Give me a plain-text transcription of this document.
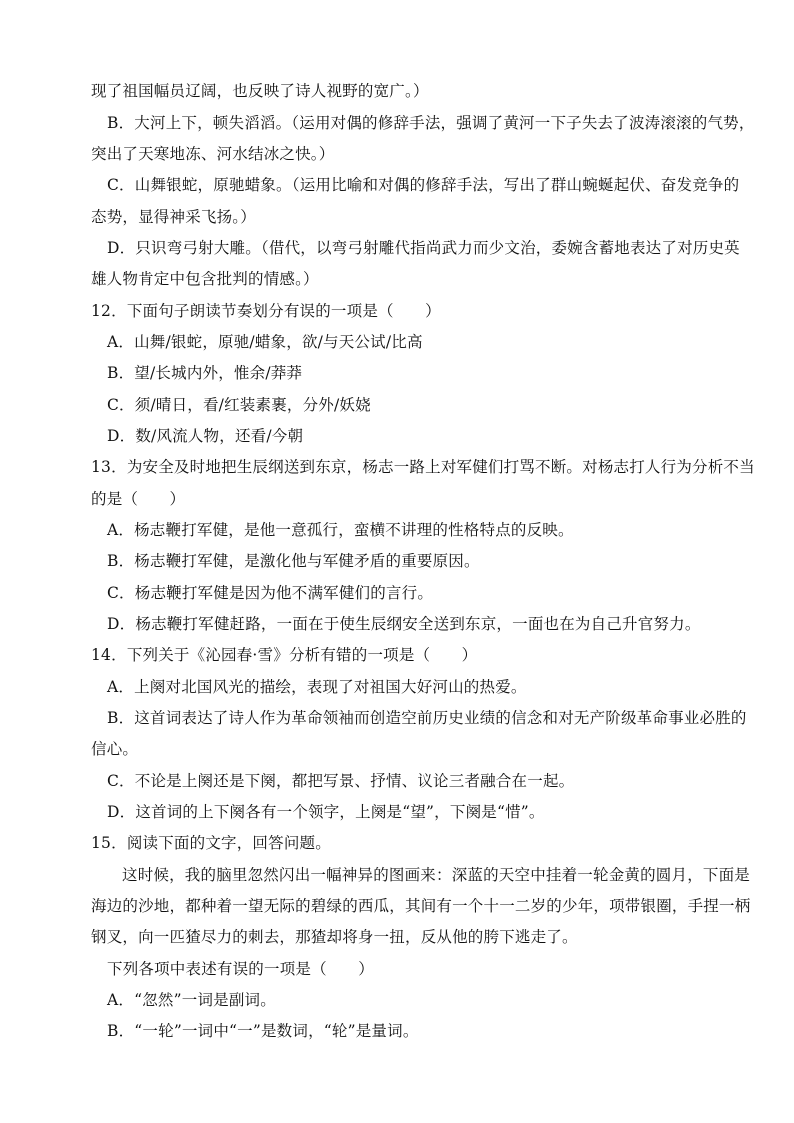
现了祖国幅员辽阔，也反映了诗人视野的宽广。）
B．大河上下，顿失滔滔。（运用对偶的修辞手法，强调了黄河一下子失去了波涛滚滚的气势，
突出了天寒地冻、河水结冰之快。）
C．山舞银蛇，原驰蜡象。（运用比喻和对偶的修辞手法，写出了群山蜿蜒起伏、奋发竞争的
态势，显得神采飞扬。）
D．只识弯弓射大雕。（借代，以弯弓射雕代指尚武力而少文治，委婉含蓄地表达了对历史英
雄人物肯定中包含批判的情感。）
12．下面句子朗读节奏划分有误的一项是（　　）
A．山舞/银蛇，原驰/蜡象，欲/与天公试/比高
B．望/长城内外，惟余/莽莽
C．须/晴日，看/红装素裹，分外/妖娆
D．数/风流人物，还看/今朝
13．为安全及时地把生辰纲送到东京，杨志一路上对军健们打骂不断。对杨志打人行为分析不当
的是（　　）
A．杨志鞭打军健，是他一意孤行，蛮横不讲理的性格特点的反映。
B．杨志鞭打军健，是激化他与军健矛盾的重要原因。
C．杨志鞭打军健是因为他不满军健们的言行。
D．杨志鞭打军健赶路，一面在于使生辰纲安全送到东京，一面也在为自己升官努力。
14．下列关于《沁园春·雪》分析有错的一项是（　　）
A．上阕对北国风光的描绘，表现了对祖国大好河山的热爱。
B．这首词表达了诗人作为革命领袖而创造空前历史业绩的信念和对无产阶级革命事业必胜的
信心。
C．不论是上阕还是下阕，都把写景、抒情、议论三者融合在一起。
D．这首词的上下阕各有一个领字，上阕是“望”，下阕是“惜”。
15．阅读下面的文字，回答问题。
这时候，我的脑里忽然闪出一幅神异的图画来：深蓝的天空中挂着一轮金黄的圆月，下面是
海边的沙地，都种着一望无际的碧绿的西瓜，其间有一个十一二岁的少年，项带银圈，手捏一柄
钢叉，向一匹猹尽力的刺去，那猹却将身一扭，反从他的胯下逃走了。
下列各项中表述有误的一项是（　　）
A．“忽然”一词是副词。
B．“一轮”一词中“一”是数词，“轮”是量词。
